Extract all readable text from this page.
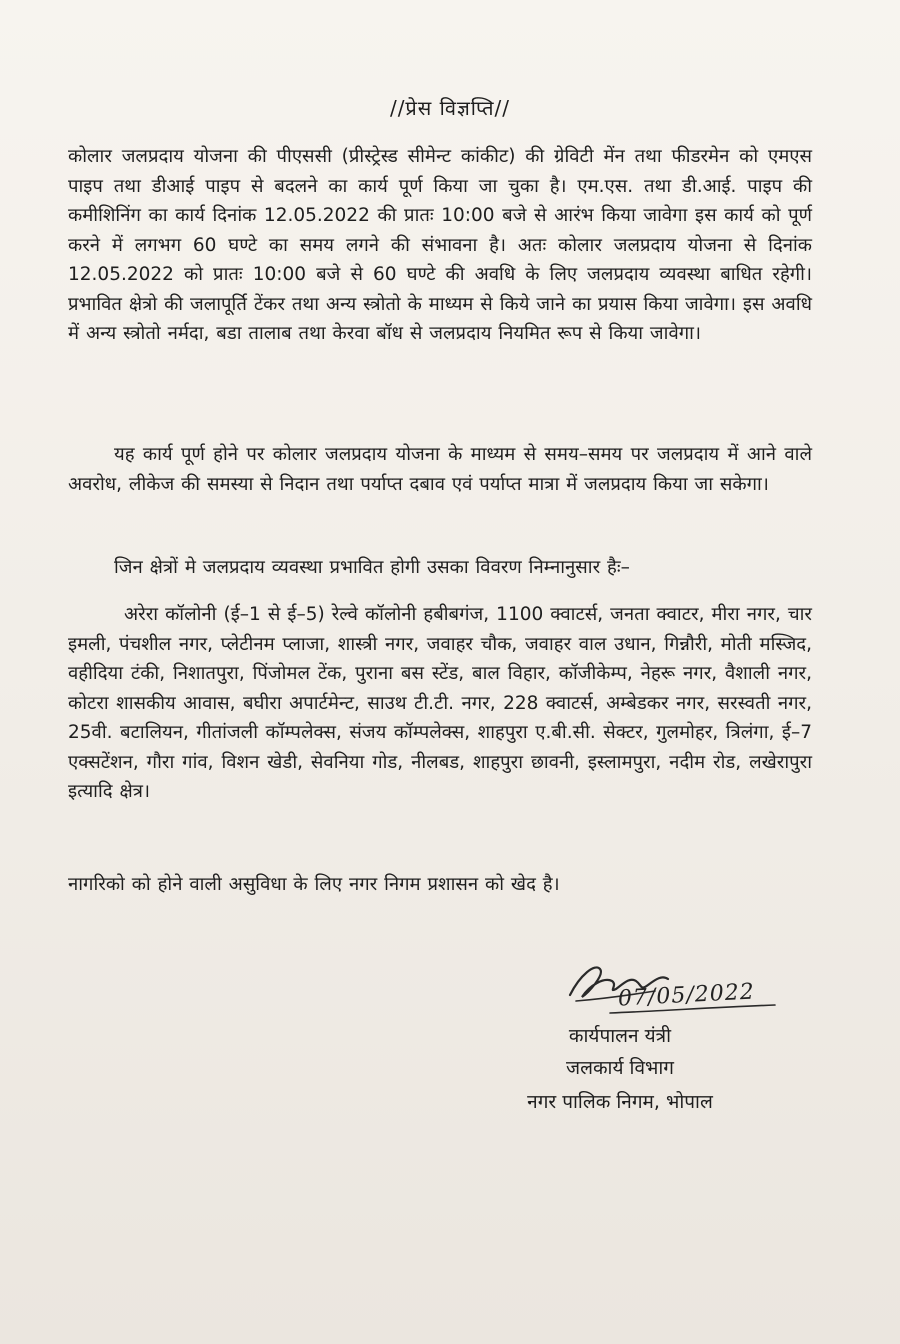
//प्रेस विज्ञप्ति//
कोलार जलप्रदाय योजना की पीएससी (प्रीस्ट्रेस्ड सीमेन्ट कांकीट) की ग्रेविटी मेंन तथा फीडरमेन को एमएस पाइप तथा डीआई पाइप से बदलने का कार्य पूर्ण किया जा चुका है। एम.एस. तथा डी.आई. पाइप की कमीशिनिंग का कार्य दिनांक 12.05.2022 की प्रातः 10:00 बजे से आरंभ किया जावेगा इस कार्य को पूर्ण करने में लगभग 60 घण्टे का समय लगने की संभावना है। अतः कोलार जलप्रदाय योजना से दिनांक 12.05.2022 को प्रातः 10:00 बजे से 60 घण्टे की अवधि के लिए जलप्रदाय व्यवस्था बाधित रहेगी। प्रभावित क्षेत्रो की जलापूर्ति टेंकर तथा अन्य स्त्रोतो के माध्यम से किये जाने का प्रयास किया जावेगा। इस अवधि में अन्य स्त्रोतो नर्मदा, बडा तालाब तथा केरवा बॉध से जलप्रदाय नियमित रूप से किया जावेगा।
यह कार्य पूर्ण होने पर कोलार जलप्रदाय योजना के माध्यम से समय–समय पर जलप्रदाय में आने वाले अवरोध, लीकेज की समस्या से निदान तथा पर्याप्त दबाव एवं पर्याप्त मात्रा में जलप्रदाय किया जा सकेगा।
जिन क्षेत्रों मे जलप्रदाय व्यवस्था प्रभावित होगी उसका विवरण निम्नानुसार हैः–
अरेरा कॉलोनी (ई–1 से ई–5) रेल्वे कॉलोनी हबीबगंज, 1100 क्वाटर्स, जनता क्वाटर, मीरा नगर, चार इमली, पंचशील नगर, प्लेटीनम प्लाजा, शास्त्री नगर, जवाहर चौक, जवाहर वाल उधान, गिन्नौरी, मोती मस्जिद, वहीदिया टंकी, निशातपुरा, पिंजोमल टेंक, पुराना बस स्टेंड, बाल विहार, कॉजीकेम्प, नेहरू नगर, वैशाली नगर, कोटरा शासकीय आवास, बघीरा अपार्टमेन्ट, साउथ टी.टी. नगर, 228 क्वाटर्स, अम्बेडकर नगर, सरस्वती नगर, 25वी. बटालियन, गीतांजली कॉम्पलेक्स, संजय कॉम्पलेक्स, शाहपुरा ए.बी.सी. सेक्टर, गुलमोहर, त्रिलंगा, ई–7 एक्सटेंशन, गौरा गांव, विशन खेडी, सेवनिया गोड, नीलबड, शाहपुरा छावनी, इस्लामपुरा, नदीम रोड, लखेरापुरा इत्यादि क्षेत्र।
नागरिको को होने वाली असुविधा के लिए नगर निगम प्रशासन को खेद है।
07/05/2022
कार्यपालन यंत्री
जलकार्य विभाग
नगर पालिक निगम, भोपाल
